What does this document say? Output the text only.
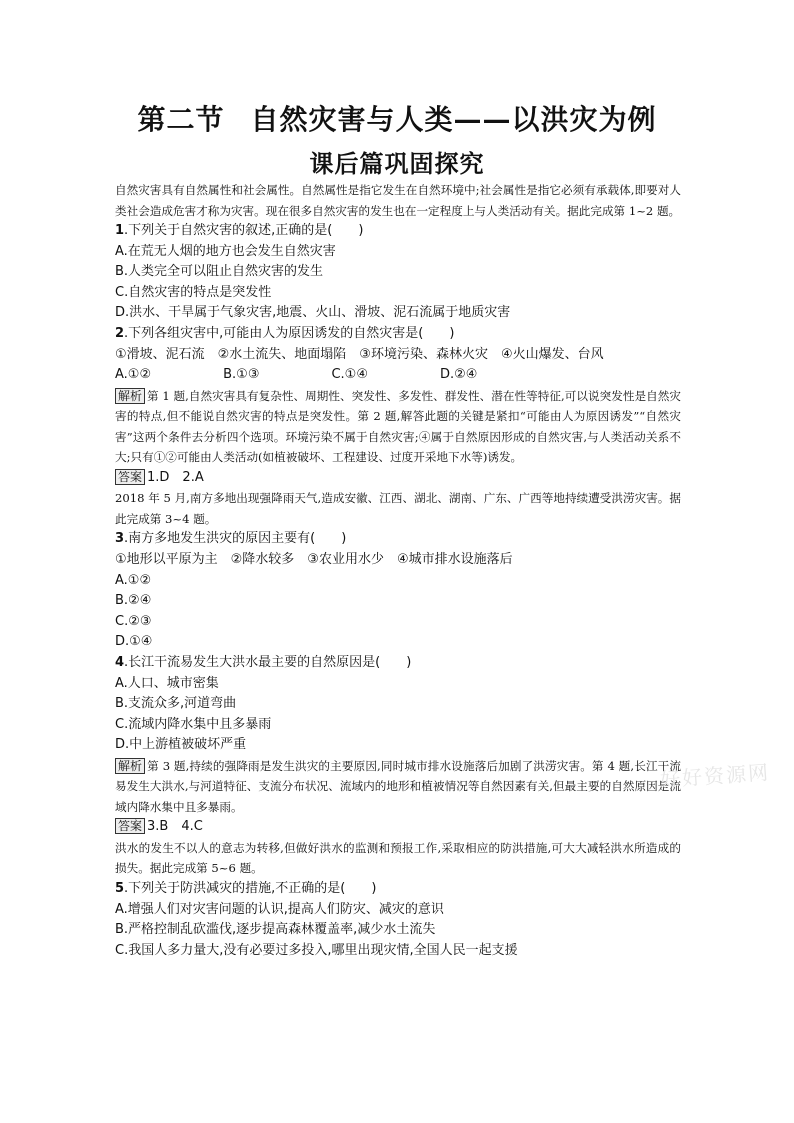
第二节 自然灾害与人类——以洪灾为例
课后篇巩固探究
自然灾害具有自然属性和社会属性。自然属性是指它发生在自然环境中;社会属性是指它必须有承载体,即要对人类社会造成危害才称为灾害。现在很多自然灾害的发生也在一定程度上与人类活动有关。据此完成第 1~2 题。
1.下列关于自然灾害的叙述,正确的是(　　)
A.在荒无人烟的地方也会发生自然灾害
B.人类完全可以阻止自然灾害的发生
C.自然灾害的特点是突发性
D.洪水、干旱属于气象灾害,地震、火山、滑坡、泥石流属于地质灾害
2.下列各组灾害中,可能由人为原因诱发的自然灾害是(　　)
①滑坡、泥石流　②水土流失、地面塌陷　③环境污染、森林火灾　④火山爆发、台风
A.①②	B.①③	C.①④	D.②④
解析 第 1 题,自然灾害具有复杂性、周期性、突发性、多发性、群发性、潜在性等特征,可以说突发性是自然灾害的特点,但不能说自然灾害的特点是突发性。第 2 题,解答此题的关键是紧扣“可能由人为原因诱发”“自然灾害”这两个条件去分析四个选项。环境污染不属于自然灾害;④属于自然原因形成的自然灾害,与人类活动关系不大;只有①②可能由人类活动(如植被破坏、工程建设、过度开采地下水等)诱发。
答案 1.D　2.A
2018 年 5 月,南方多地出现强降雨天气,造成安徽、江西、湖北、湖南、广东、广西等地持续遭受洪涝灾害。据此完成第 3~4 题。
3.南方多地发生洪灾的原因主要有(　　)
①地形以平原为主　②降水较多　③农业用水少　④城市排水设施落后
A.①②
B.②④
C.②③
D.①④
4.长江干流易发生大洪水最主要的自然原因是(　　)
A.人口、城市密集
B.支流众多,河道弯曲
C.流域内降水集中且多暴雨
D.中上游植被破坏严重
解析 第 3 题,持续的强降雨是发生洪灾的主要原因,同时城市排水设施落后加剧了洪涝灾害。第 4 题,长江干流易发生大洪水,与河道特征、支流分布状况、流域内的地形和植被情况等自然因素有关,但最主要的自然原因是流域内降水集中且多暴雨。
答案 3.B　4.C
洪水的发生不以人的意志为转移,但做好洪水的监测和预报工作,采取相应的防洪措施,可大大减轻洪水所造成的损失。据此完成第 5~6 题。
5.下列关于防洪减灾的措施,不正确的是(　　)
A.增强人们对灾害问题的认识,提高人们防灾、减灾的意识
B.严格控制乱砍滥伐,逐步提高森林覆盖率,减少水土流失
C.我国人多力量大,没有必要过多投入,哪里出现灾情,全国人民一起支援
好好资源网
